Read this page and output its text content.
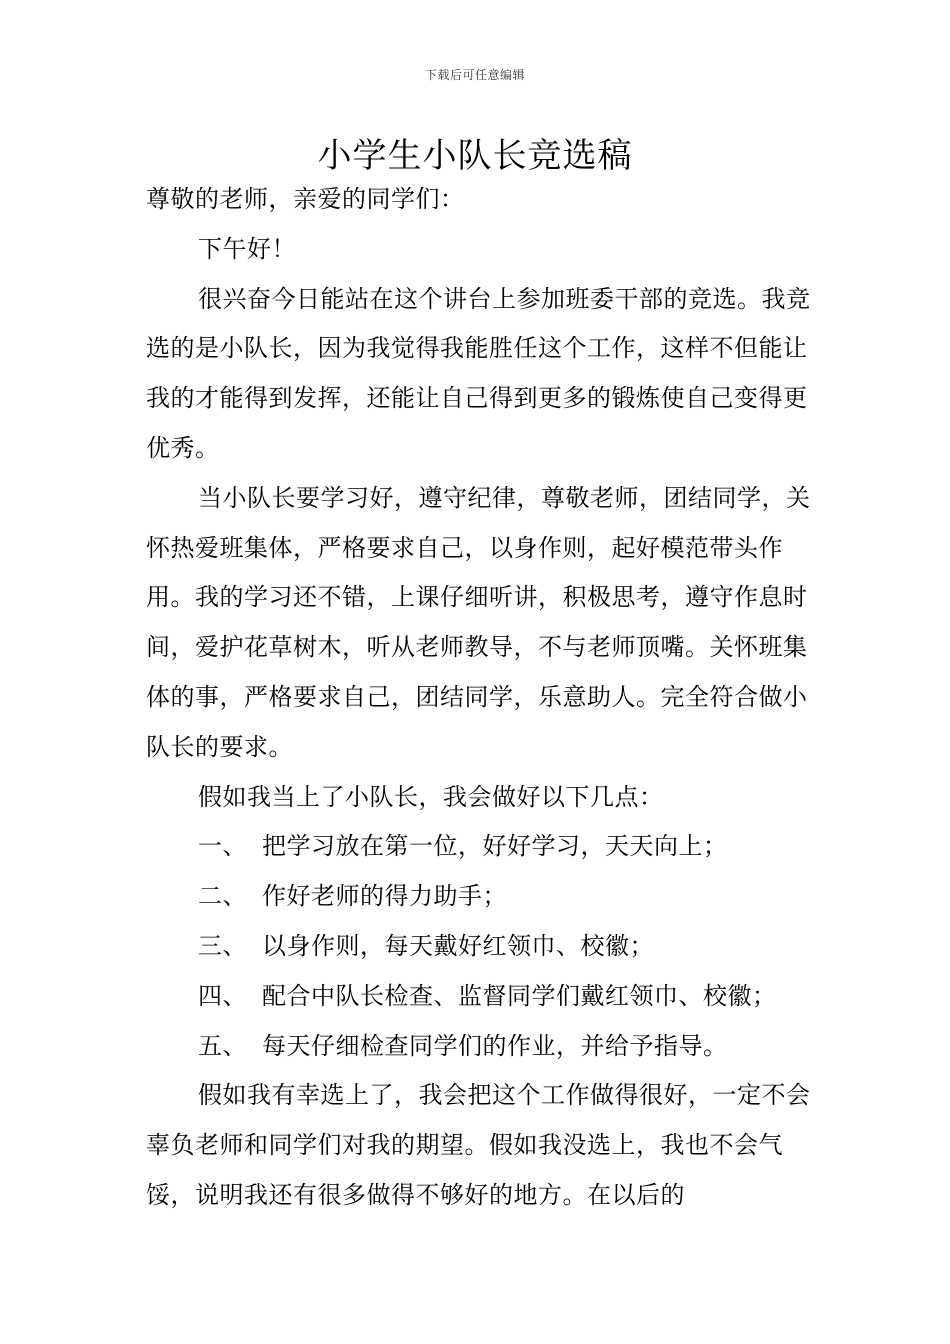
下载后可任意编辑
小学生小队长竞选稿

尊敬的老师，亲爱的同学们：

下午好！

很兴奋今日能站在这个讲台上参加班委干部的竞选。我竞选的是小队长，因为我觉得我能胜任这个工作，这样不但能让我的才能得到发挥，还能让自己得到更多的锻炼使自己变得更优秀。

当小队长要学习好，遵守纪律，尊敬老师，团结同学，关怀热爱班集体，严格要求自己，以身作则，起好模范带头作用。我的学习还不错，上课仔细听讲，积极思考，遵守作息时间，爱护花草树木，听从老师教导，不与老师顶嘴。关怀班集体的事，严格要求自己，团结同学，乐意助人。完全符合做小队长的要求。

假如我当上了小队长，我会做好以下几点：

一、 把学习放在第一位，好好学习，天天向上；

二、 作好老师的得力助手；

三、 以身作则，每天戴好红领巾、校徽；

四、 配合中队长检查、监督同学们戴红领巾、校徽；

五、 每天仔细检查同学们的作业，并给予指导。

假如我有幸选上了，我会把这个工作做得很好，一定不会辜负老师和同学们对我的期望。假如我没选上，我也不会气馁，说明我还有很多做得不够好的地方。在以后的
